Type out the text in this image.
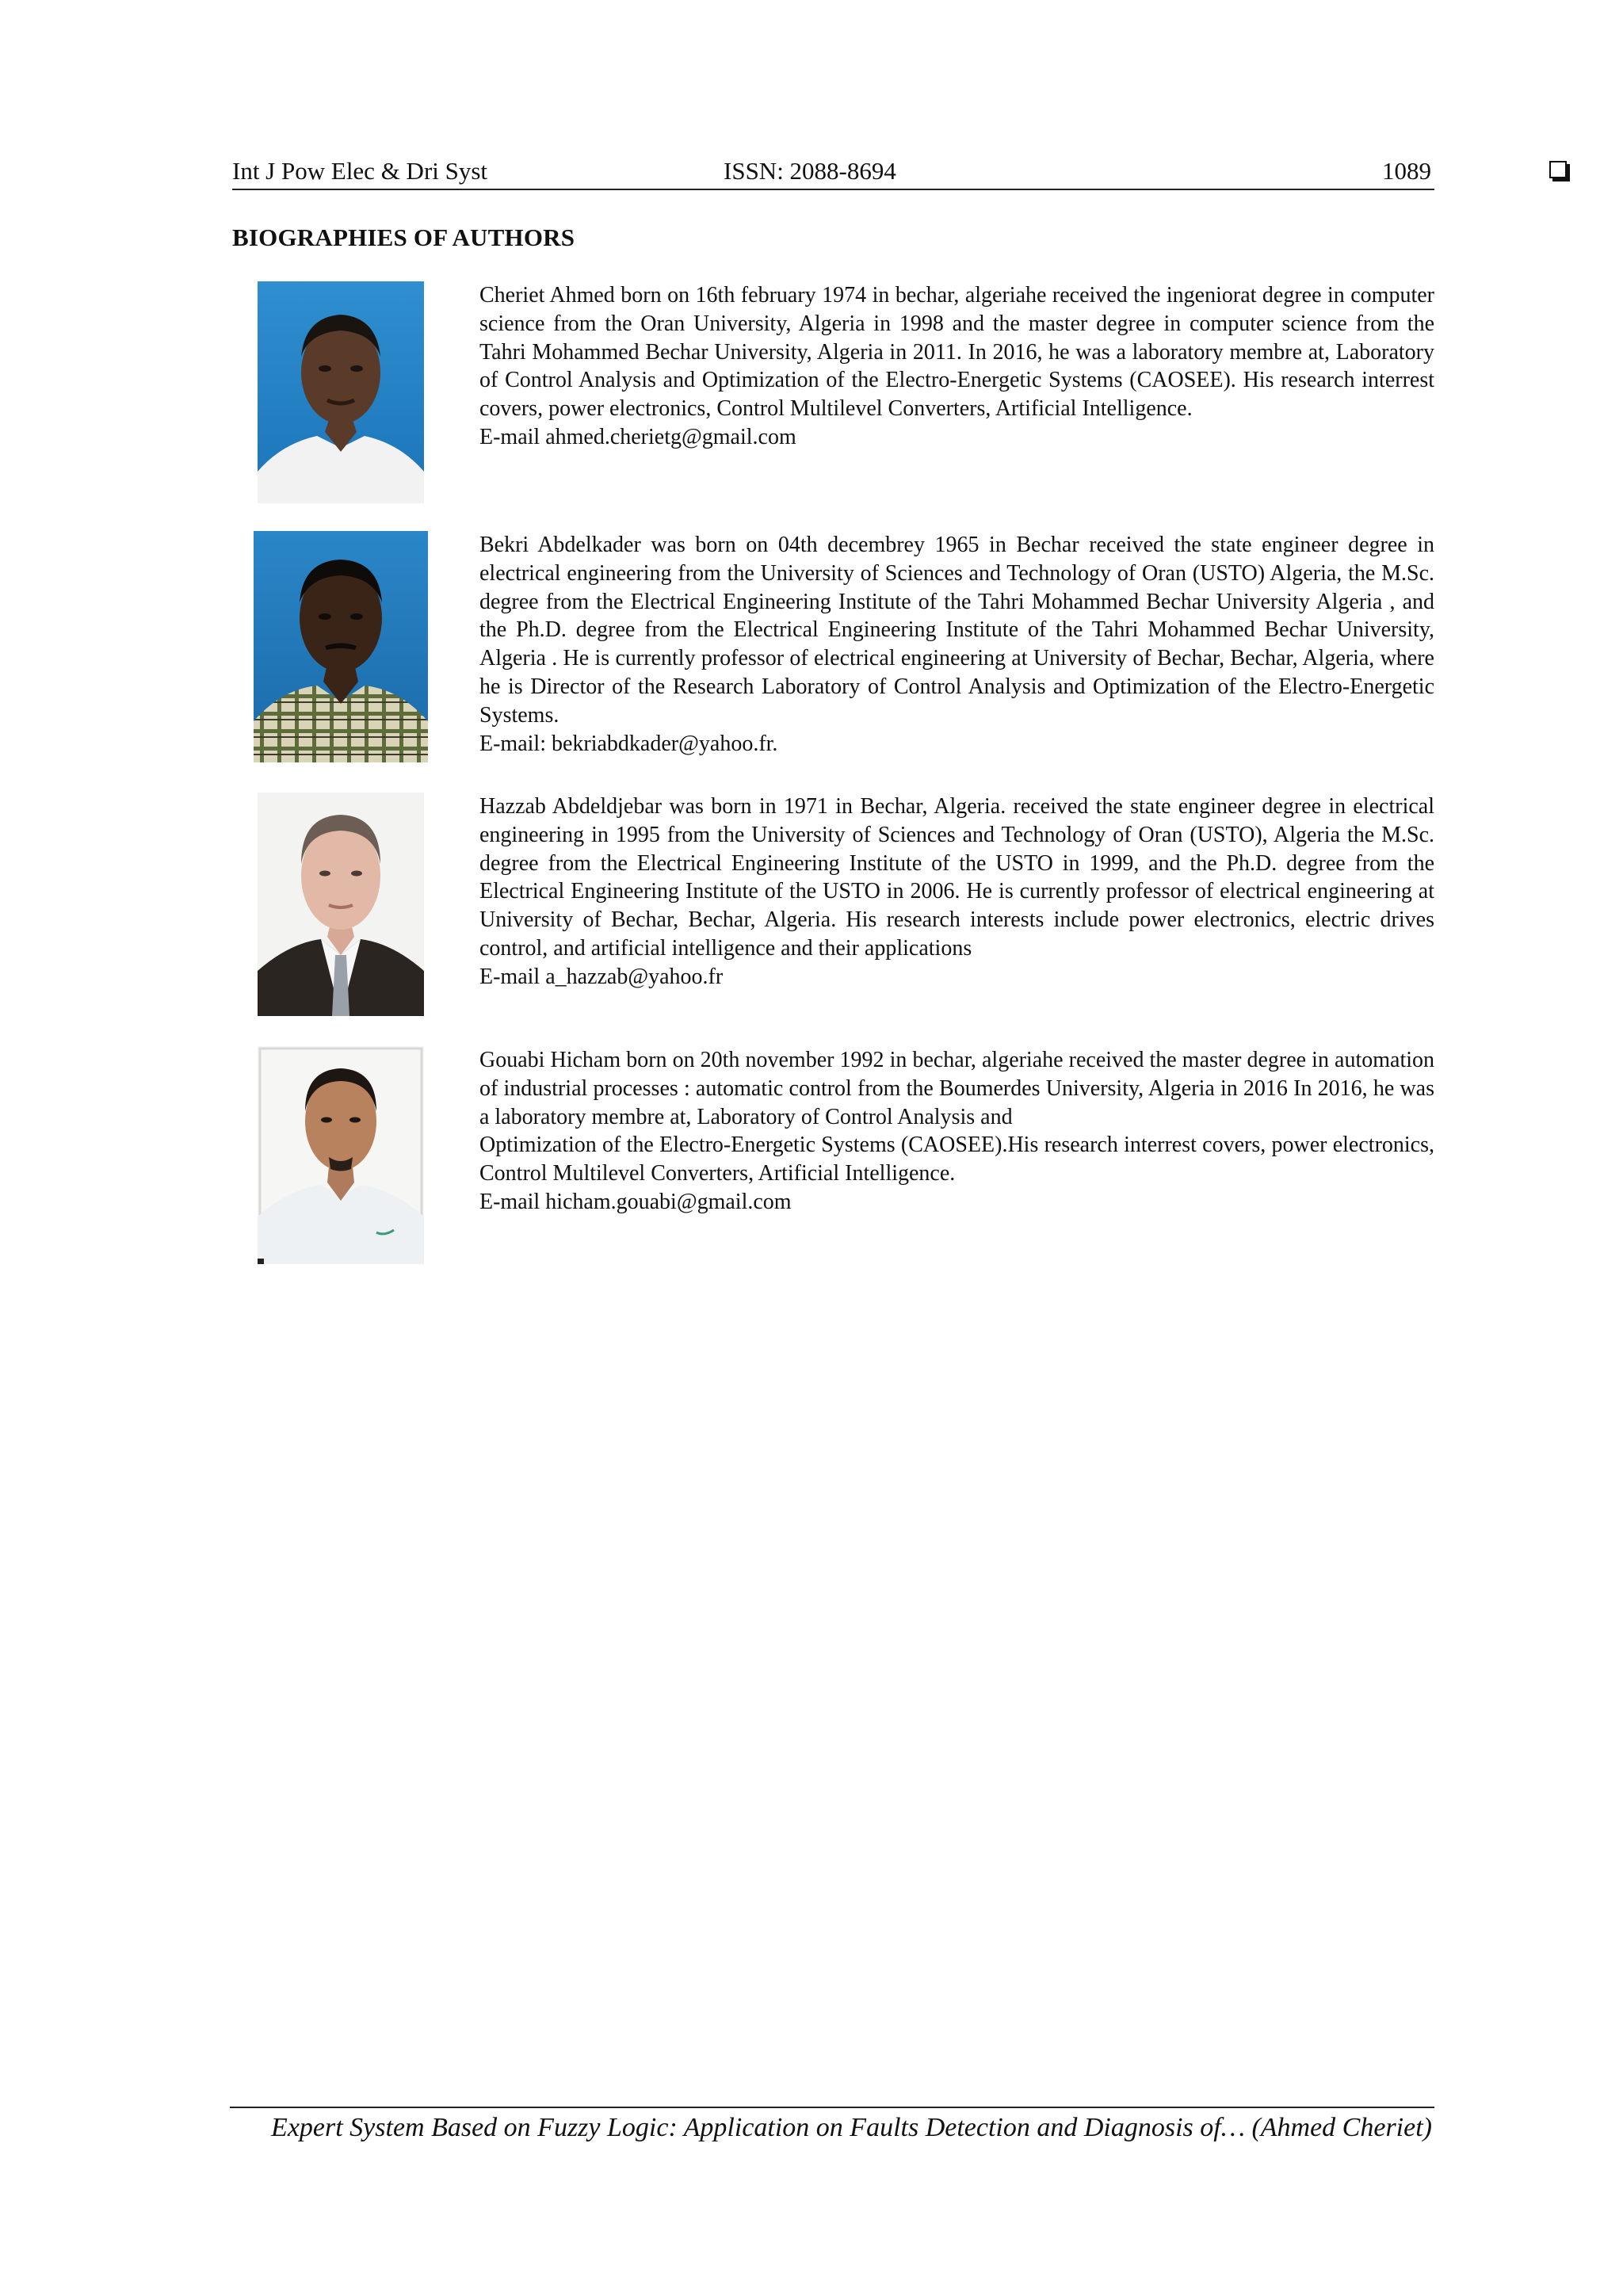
Int J Pow Elec & Dri Syst	ISSN: 2088-8694	1089
BIOGRAPHIES OF AUTHORS

Cheriet Ahmed born on 16th february 1974 in bechar, algeriahe received the ingeniorat degree in computer science from the Oran University, Algeria in 1998 and the master degree in computer science from the Tahri Mohammed Bechar University, Algeria in 2011. In 2016, he was a laboratory membre at, Laboratory of Control Analysis and Optimization of the Electro-Energetic Systems (CAOSEE). His research interrest covers, power electronics, Control Multilevel Converters, Artificial Intelligence.

E-mail ahmed.cherietg@gmail.com

Bekri Abdelkader was born on 04th decembrey 1965 in Bechar received the state engineer degree in electrical engineering from the University of Sciences and Technology of Oran (USTO) Algeria, the M.Sc. degree from the Electrical Engineering Institute of the Tahri Mohammed Bechar University Algeria , and the Ph.D. degree from the Electrical Engineering Institute of the Tahri Mohammed Bechar University, Algeria . He is currently professor of electrical engineering at University of Bechar, Bechar, Algeria, where he is Director of the Research Laboratory of Control Analysis and Optimization of the Electro-Energetic Systems.

E-mail: bekriabdkader@yahoo.fr.

Hazzab Abdeldjebar was born in 1971 in Bechar, Algeria. received the state engineer degree in electrical engineering in 1995 from the University of Sciences and Technology of Oran (USTO), Algeria the M.Sc. degree from the Electrical Engineering Institute of the USTO in 1999, and the Ph.D. degree from the Electrical Engineering Institute of the USTO in 2006. He is currently professor of electrical engineering at University of Bechar, Bechar, Algeria. His research interests include power electronics, electric drives control, and artificial intelligence and their applications

E-mail a_hazzab@yahoo.fr

Gouabi Hicham born on 20th november 1992 in bechar, algeriahe received the master degree in automation of industrial processes : automatic control from the Boumerdes University, Algeria in 2016 In 2016, he was a laboratory membre at, Laboratory of Control Analysis and

Optimization of the Electro-Energetic Systems (CAOSEE).His research interrest covers, power electronics, Control Multilevel Converters, Artificial Intelligence.

E-mail hicham.gouabi@gmail.com
Expert System Based on Fuzzy Logic: Application on Faults Detection and Diagnosis of… (Ahmed Cheriet)
